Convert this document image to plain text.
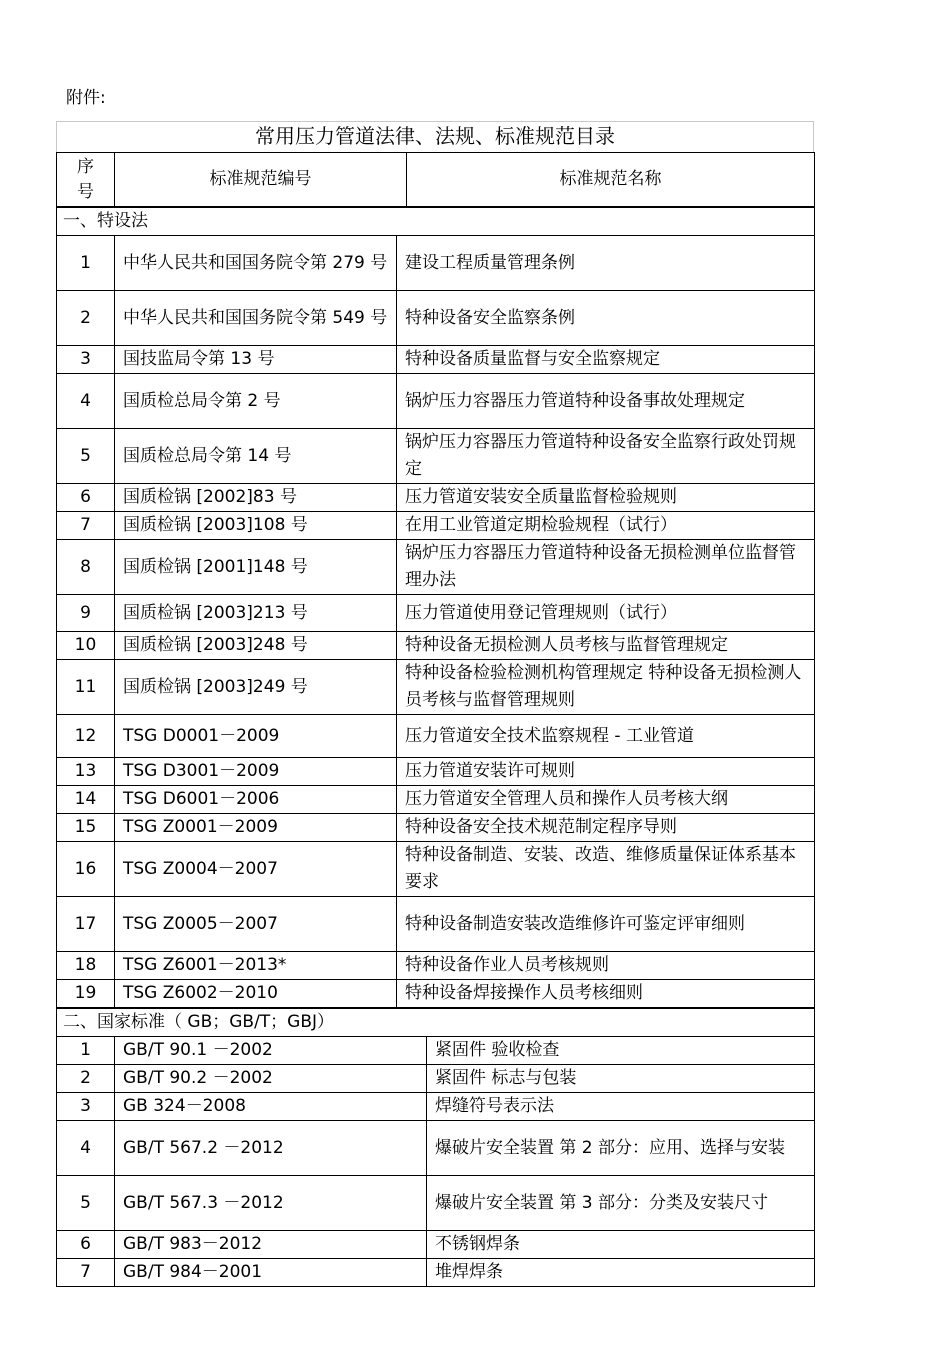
附件:
常用压力管道法律、法规、标准规范目录
序
号	标准规范编号	标准规范名称
一、特设法		
1	中华人民共和国国务院令第 279 号	建设工程质量管理条例
2	中华人民共和国国务院令第 549 号	特种设备安全监察条例
3	国技监局令第 13 号	特种设备质量监督与安全监察规定
4	国质检总局令第 2 号	锅炉压力容器压力管道特种设备事故处理规定
5	国质检总局令第 14 号	锅炉压力容器压力管道特种设备安全监察行政处罚规定
6	国质检锅 [2002]83 号	压力管道安装安全质量监督检验规则
7	国质检锅 [2003]108 号	在用工业管道定期检验规程（试行）
8	国质检锅 [2001]148 号	锅炉压力容器压力管道特种设备无损检测单位监督管理办法
9	国质检锅 [2003]213 号	压力管道使用登记管理规则（试行）
10	国质检锅 [2003]248 号	特种设备无损检测人员考核与监督管理规定
11	国质检锅 [2003]249 号	特种设备检验检测机构管理规定 特种设备无损检测人员考核与监督管理规则
12	TSG D0001－2009	压力管道安全技术监察规程 - 工业管道
13	TSG D3001－2009	压力管道安装许可规则
14	TSG D6001－2006	压力管道安全管理人员和操作人员考核大纲
15	TSG Z0001－2009	特种设备安全技术规范制定程序导则
16	TSG Z0004－2007	特种设备制造、安装、改造、维修质量保证体系基本要求
17	TSG Z0005－2007	特种设备制造安装改造维修许可鉴定评审细则
18	TSG Z6001－2013*	特种设备作业人员考核规则
19	TSG Z6002－2010	特种设备焊接操作人员考核细则
二、国家标准（ GB；GB/T；GBJ）		
1	GB/T 90.1 －2002	紧固件 验收检查
2	GB/T 90.2 －2002	紧固件 标志与包装
3	GB 324－2008	焊缝符号表示法
4	GB/T 567.2 －2012	爆破片安全装置 第 2 部分：应用、选择与安装
5	GB/T 567.3 －2012	爆破片安全装置 第 3 部分：分类及安装尺寸
6	GB/T 983－2012	不锈钢焊条
7	GB/T 984－2001	堆焊焊条
